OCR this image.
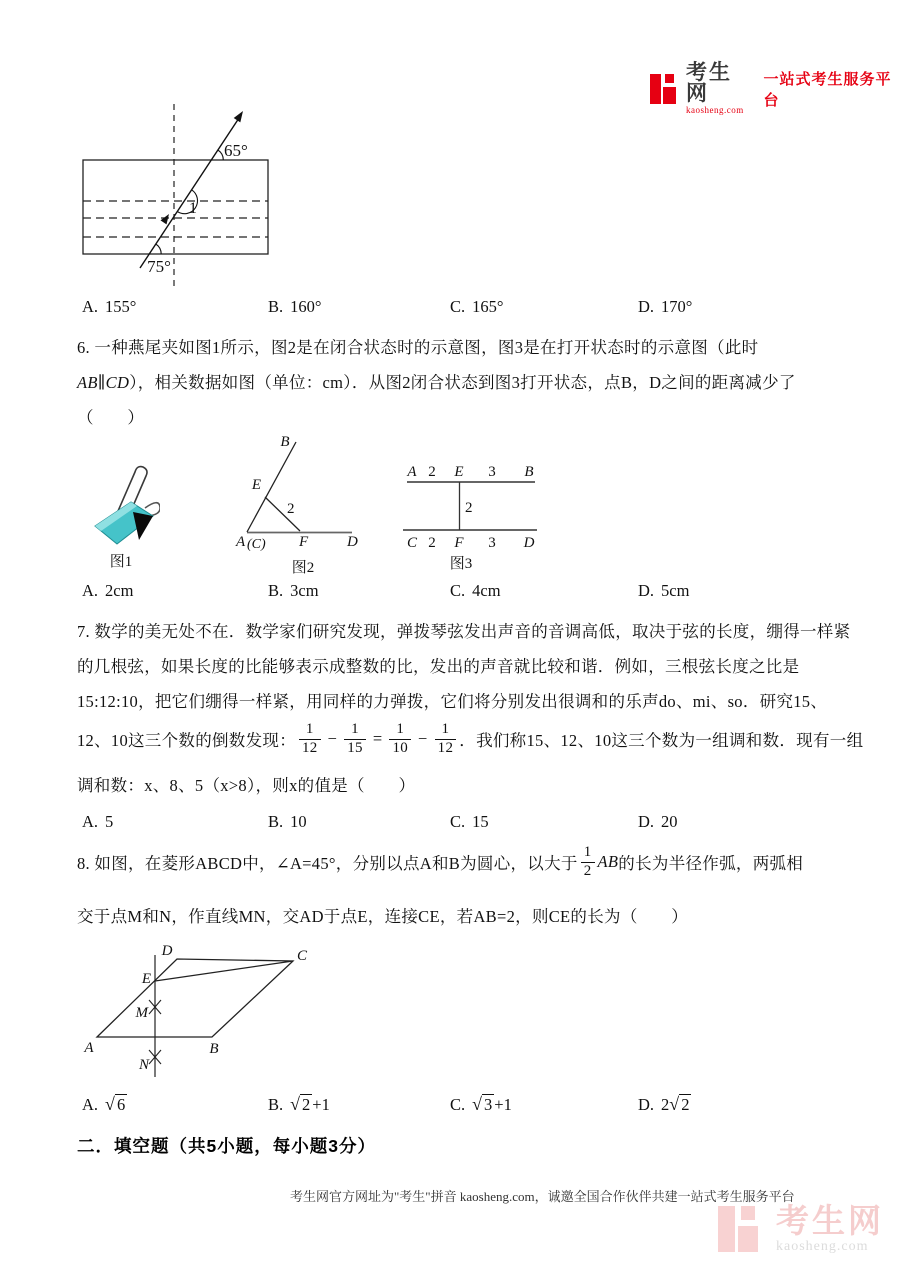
考生网
kaosheng.com
一站式考生服务平台
65°
1
75°
A. 155°	B. 160°	C. 165°	D. 170°
6. 一种燕尾夹如图1所示，图2是在闭合状态时的示意图，图3是在打开状态时的示意图（此时
AB∥CD），相关数据如图（单位：cm）．从图2闭合状态到图3打开状态，点B，D之间的距离减少了
（　　）
图1
B
E
2
A (C) F	D
图2
A 2 E 3 B
2
C 2 F 3 D
图3
A. 2cm	B. 3cm	C. 4cm	D. 5cm
7. 数学的美无处不在．数学家们研究发现，弹拨琴弦发出声音的音调高低，取决于弦的长度，绷得一样紧
的几根弦，如果长度的比能够表示成整数的比，发出的声音就比较和谐．例如，三根弦长度之比是
15:12:10，把它们绷得一样紧，用同样的力弹拨，它们将分别发出很调和的乐声do、mi、so．研究15、
12、10这三个数的倒数发现： $\frac{1}{12} - \frac{1}{15} = \frac{1}{10} - \frac{1}{12}$ ．我们称15、12、10这三个数为一组调和数．现有一组
调和数：x、8、5（x>8），则x的值是（　　）
A. 5	B. 10	C. 15	D. 20
8. 如图，在菱形ABCD中，∠A=45°，分别以点A和B为圆心，以大于 $\frac{1}{2}$ AB 的长为半径作弧，两弧相
交于点M和N，作直线MN，交AD于点E，连接CE，若AB=2，则CE的长为（　　）
D	C
E
M
A	B
N
A. √ 6	B. √ 2 +1	C. √ 3 +1	D. 2√ 2
二．填空题（共5小题，每小题3分）
考生网官方网址为"考生"拼音 kaosheng.com，诚邀全国合作伙伴共建一站式考生服务平台
考生网
kaosheng.com
